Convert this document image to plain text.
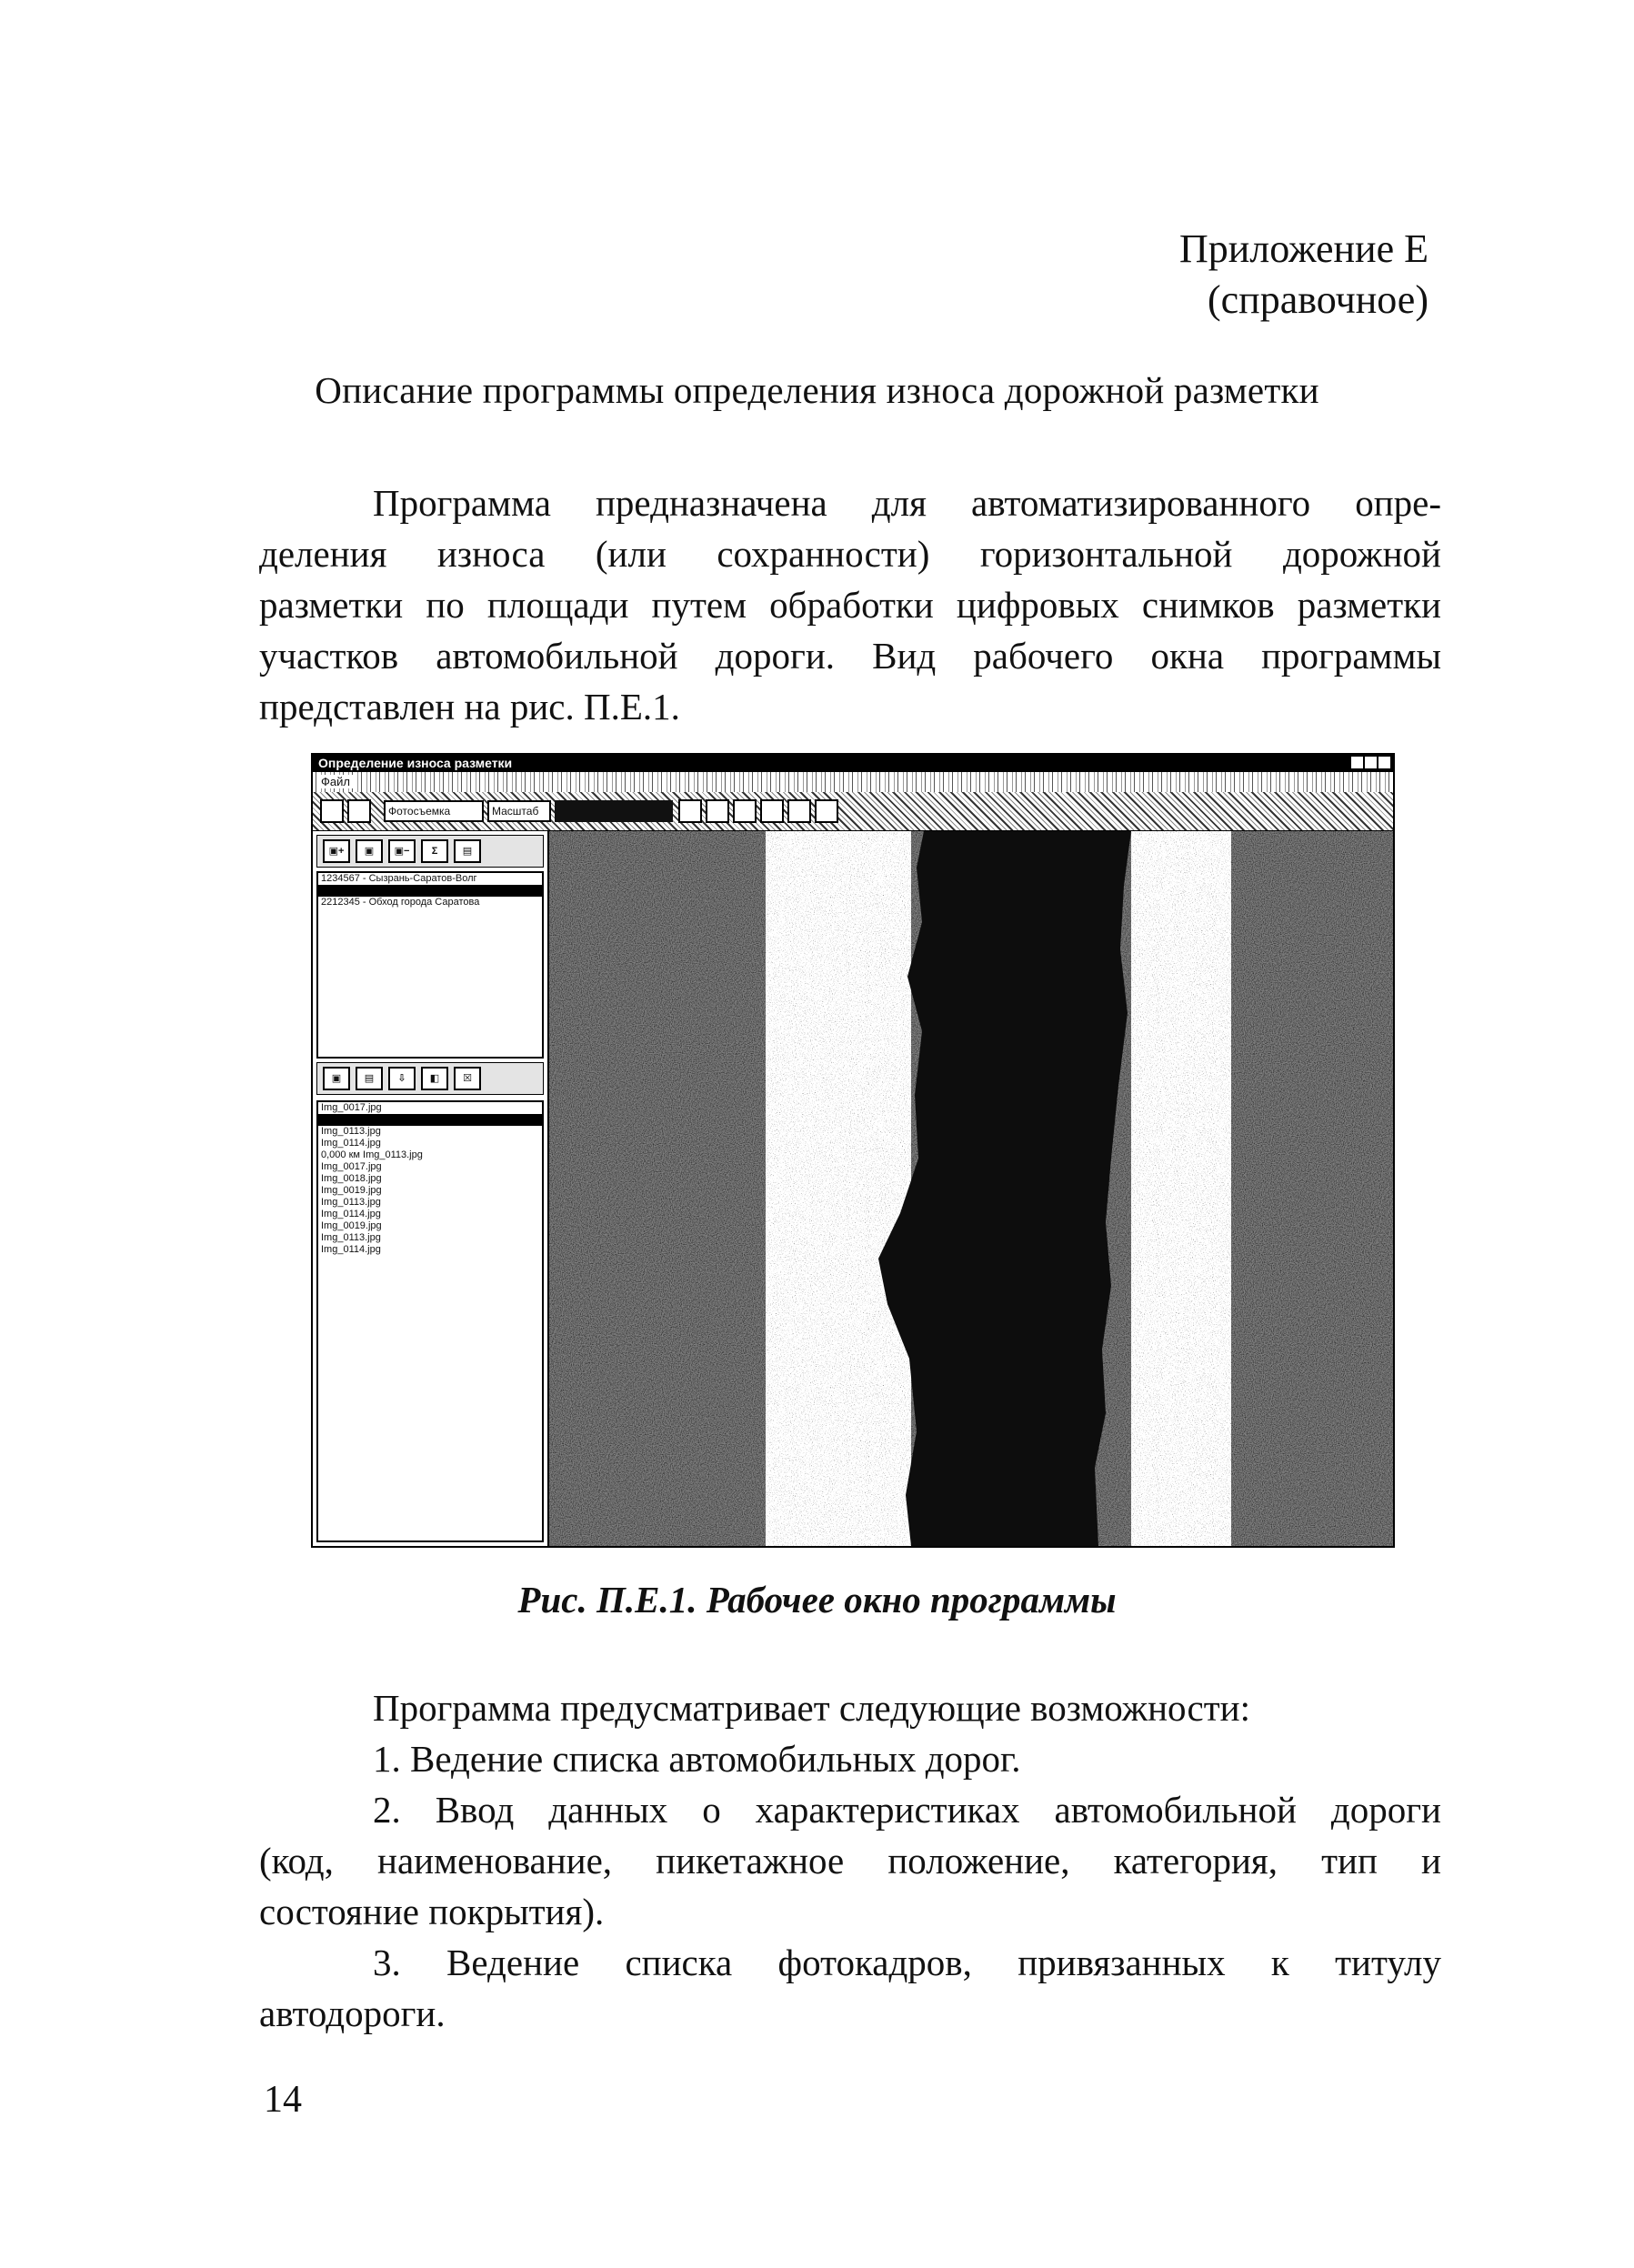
Приложение Е
(справочное)
Описание программы определения износа дорожной разметки
Программа предназначена для автоматизированного опре-
деления износа (или сохранности) горизонтальной дорожной
разметки по площади путем обработки цифровых снимков разметки
участков автомобильной дороги. Вид рабочего окна программы
представлен на рис. П.Е.1.
Определение износа разметки
Файл
Фотосъемка	Масштаб
▣+	▣	▣−	Σ	▤
1234567 - Сызрань-Саратов-Волг
2212345 - Обход города Саратова
▣	▤	⇩	◧	☒
Img_0017.jpg
Img_0113.jpg
Img_0114.jpg
0,000 км Img_0113.jpg
Img_0017.jpg
Img_0018.jpg
Img_0019.jpg
Img_0113.jpg
Img_0114.jpg
Img_0019.jpg
Img_0113.jpg
Img_0114.jpg
Рис. П.Е.1. Рабочее окно программы
Программа предусматривает следующие возможности:
1. Ведение списка автомобильных дорог.
2. Ввод данных о характеристиках автомобильной дороги
(код, наименование, пикетажное положение, категория, тип и
состояние покрытия).
3. Ведение списка фотокадров, привязанных к титулу
автодороги.
14
